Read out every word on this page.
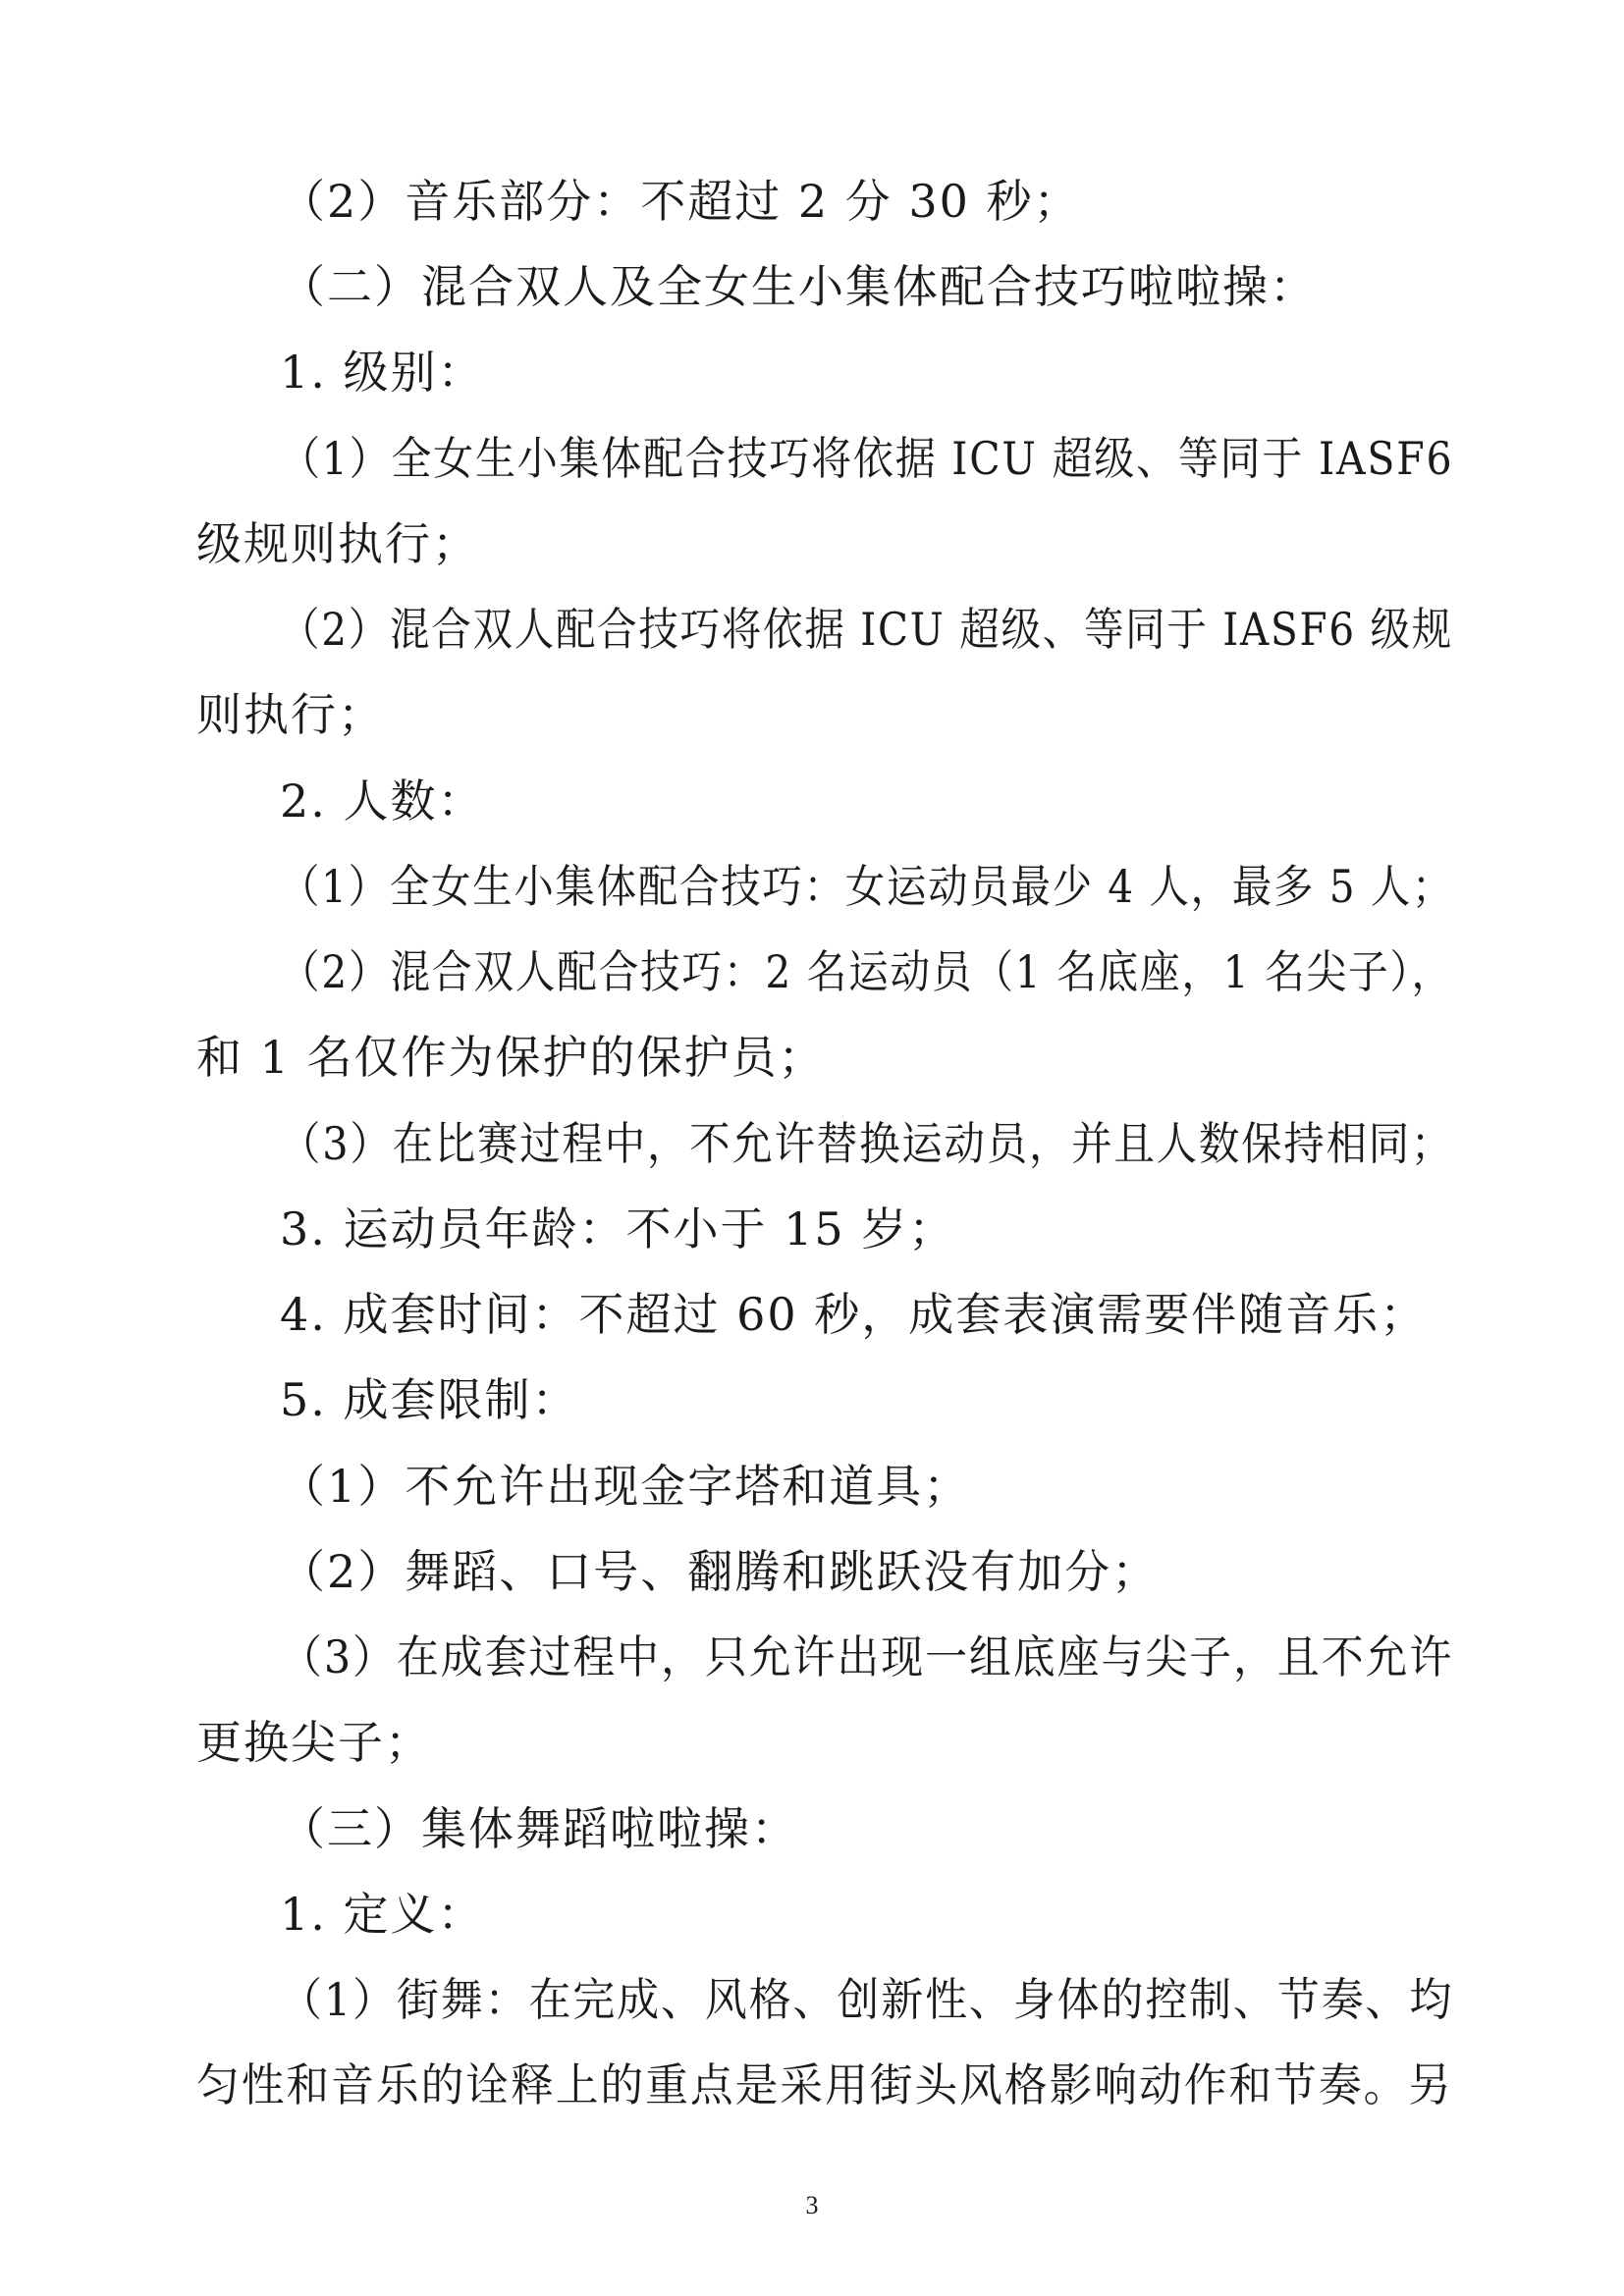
（2）音乐部分：不超过 2 分 30 秒；
（二）混合双人及全女生小集体配合技巧啦啦操：
1. 级别：
（1）全女生小集体配合技巧将依据 ICU 超级、等同于 IASF6
级规则执行；
（2）混合双人配合技巧将依据 ICU 超级、等同于 IASF6 级规
则执行；
2. 人数：
（1）全女生小集体配合技巧：女运动员最少 4 人，最多 5 人；
（2）混合双人配合技巧：2 名运动员（1 名底座，1 名尖子），
和 1 名仅作为保护的保护员；
（3）在比赛过程中，不允许替换运动员，并且人数保持相同；
3. 运动员年龄：不小于 15 岁；
4. 成套时间：不超过 60 秒，成套表演需要伴随音乐；
5. 成套限制：
（1）不允许出现金字塔和道具；
（2）舞蹈、口号、翻腾和跳跃没有加分；
（3）在成套过程中，只允许出现一组底座与尖子，且不允许
更换尖子；
（三）集体舞蹈啦啦操：
1. 定义：
（1）街舞：在完成、风格、创新性、身体的控制、节奏、均
匀性和音乐的诠释上的重点是采用街头风格影响动作和节奏。另
3
